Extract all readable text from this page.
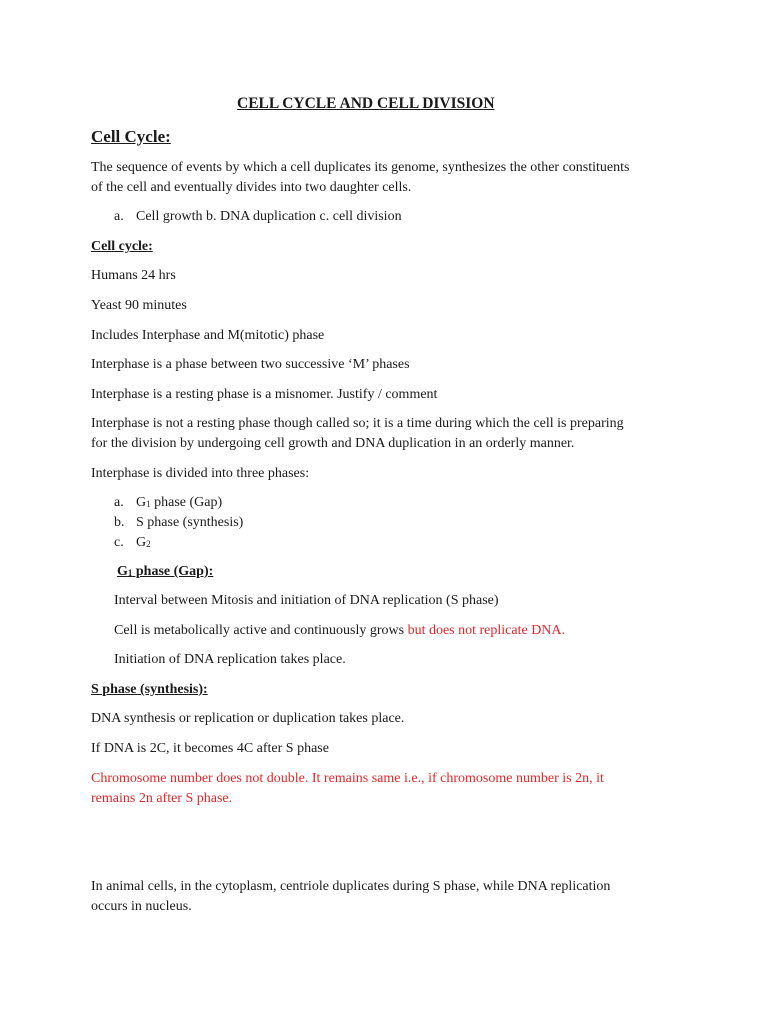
CELL CYCLE AND CELL DIVISION

Cell Cycle:

The sequence of events by which a cell duplicates its genome, synthesizes the other constituents

of the cell and eventually divides into two daughter cells.

a. Cell growth b. DNA duplication c. cell division

Cell cycle:

Humans 24 hrs

Yeast 90 minutes

Includes Interphase and M(mitotic) phase

Interphase is a phase between two successive ‘M’ phases

Interphase is a resting phase is a misnomer. Justify / comment

Interphase is not a resting phase though called so; it is a time during which the cell is preparing

for the division by undergoing cell growth and DNA duplication in an orderly manner.

Interphase is divided into three phases:

a. $G_1$ phase (Gap)

b. S phase (synthesis)

c. $G_2$

$G_1$ phase (Gap):

Interval between Mitosis and initiation of DNA replication (S phase)

Cell is metabolically active and continuously grows but does not replicate DNA.

Initiation of DNA replication takes place.

S phase (synthesis):

DNA synthesis or replication or duplication takes place.

If DNA is 2C, it becomes 4C after S phase

Chromosome number does not double. It remains same i.e., if chromosome number is 2n, it

remains 2n after S phase.

In animal cells, in the cytoplasm, centriole duplicates during S phase, while DNA replication

occurs in nucleus.
